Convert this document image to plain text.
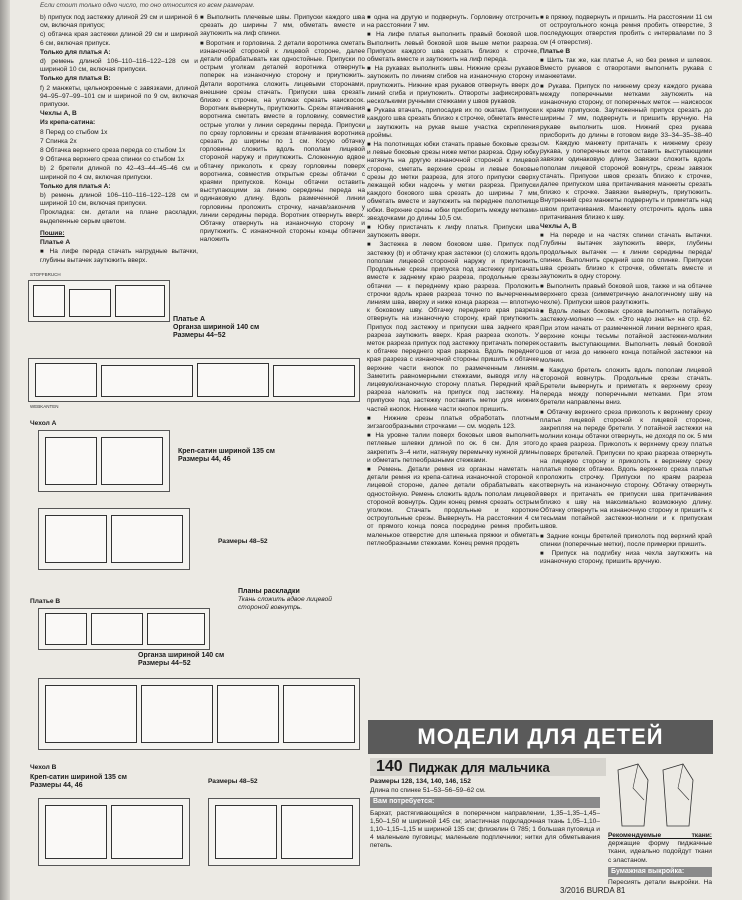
Если стоит только одно число, то оно относится ко всем размерам.

b) припуск под застежку длиной 29 см и шириной 6 см, включая припуск;

c) обтачка края застежки длиной 29 см и шириной 6 см, включая припуск.

Только для платья А:

d) ремень длиной 106–110–116–122–128 см и шириной 10 см, включая припуски.

Только для платья В:

f) 2 манжеты, цельнокроеные с завязками, длиной 94–95–97–99–101 см и шириной по 9 см, включая припуски.

Чехлы А, В

Из крепа-сатина:

8 Перед со стыбом 1x

7 Спинка 2x

8 Обтачка верхнего среза переда со стыбом 1x

9 Обтачка верхнего среза спинки со стыбом 1x

b) 2 бретели длиной по 42–43–44–45–46 см и шириной по 4 см, включая припуски.

Только для платья А:

b) ремень длиной 106–110–116–122–128 см и шириной 10 см, включая припуски.

Прокладка: см. детали на плане раскладки, выделенные серым цветом.

Пошив:

Платье А

■ На лифе переда стачать нагрудные вытачки, глубины вытачек заутюжить вверх.

■ Выполнить плечевые швы. Припуски каждого шва срезать до ширины 7 мм, обметать вместе и заутюжить на лиф спинки.

■ Воротник и горловина. 2 детали воротника сметать изнаночной стороной к лицевой стороне, далее детали обрабатывать как одностойные. Припуски по острым уголкам деталей воротника отвернуть поперек на изнаночную сторону и приутюжить. Детали воротника сложить лицевыми сторонами, внешние срезы стачать. Припуски шва срезать близко к строчке, на уголках срезать наискосок. Воротник вывернуть, приутюжить. Срезы втачивания воротника сметать вместе в горловину, совместив острые уголки у линии середины переда. Припуски по срезу горловины и срезам втачивания воротника срезать до ширины по 1 см. Косую обтачку горловины сложить вдоль пополам лицевой стороной наружу и приутюжить. Сложенную вдвое обтачку приколоть к срезу горловины поверх воротника, совместив открытые срезы обтачки с краями припусков. Концы обтачки оставить выступающими за линию середины переда на одинаковую длину. Вдоль размеченной линии горловины проложить строчку, начав/закончив у линии середины переда. Воротник отвернуть вверх. Обтачку отвернуть на изнаночную сторону и приутюжить. С изнаночной стороны концы обтачки наложить

■ одна на другую и подвернуть. Горловину отстрочить на расстоянии 7 мм.

■ На лифе платья выполнить правый боковой шов. Выполнить левый боковой шов выше метки разреза. Припуски каждого шва срезать близко к строчке, обметать вместе и заутюжить на лиф переда.

■ На рукавах выполнить швы. Нижние срезы рукавов заутюжить по линиям сгибов на изнаночную сторону и приутюжить. Нижние края рукавов отвернуть вверх до линий сгиба и приутюжить. Отвороты зафиксировать несколькими ручными стежками у швов рукавов.

■ Рукава втачать, припосадив их по окатам. Припуски каждого шва срезать близко к строчке, обметать вместе и заутюжить на рукав выше участка скрепления проймы.

■ На полотнищах юбки стачать правые боковые срезы и левые боковые срезы ниже метки разреза. Одну юбку натянуть на другую изнаночной стороной к лицевой стороне, сметать верхние срезы и левые боковые срезы до метки разреза, для этого припуски сверху лежащей юбки надсечь у метки разреза. Припуски каждого бокового шва срезать до ширины 7 мм, обметать вместе и заутюжить на переднее полотнище юбки. Верхние срезы юбки присборить между метками-звездочками до длины 10,5 см.

■ Юбку пристачать к лифу платья. Припуски шва заутюжить вверх.

■ Застежка в левом боковом шве. Припуск под застежку (b) и обтачку края застежки (c) сложить вдоль пополам лицевой стороной наружу и приутюжить. Продольные срезы припуска под застежку притачать вместе к заднему краю разреза, продольные срезы обтачки — к переднему краю разреза. Проложить строчки вдоль краев разреза точно по вычерченным линиям шва, вверху и ниже конца разреза — вплотную к боковому шву. Обтачку переднего края разреза отвернуть на изнаночную сторону, край приутюжить. Припуск под застежку и припуски шва заднего края разреза заутюжить вверх. Края разреза сколоть. У меток разреза припуск под застежку притачать поперек к обтачке переднего края разреза. Вдоль переднего края разреза с изнаночной стороны пришить к обтачке верхние части кнопок по размеченным линиям. Заметить равномерными стежками, выводя иглу на лицевую/изнаночную сторону платья. Передний край разреза наложить на припуск под застежку. На припуске под застежку поставить метки для нижних частей кнопок. Нижние части кнопок пришить.

■ Нижние срезы платья обработать плотным зигзагообразными строчками — см. модель 123.

■ На уровне талии поверх боковых швов выполнить петлевые шлевки длиной по ок. 6 см. Для этого закрепить 3–4 нити, натянуву перемычку нужной длины и обметать петлеобразными стежками.

■ Ремень. Детали ремня из органзы наметать на детали ремня из крепа-сатина изнаночной стороной к лицевой стороне, далее детали обрабатывать как одностойную. Ремень сложить вдоль пополам лицевой стороной вовнутрь. Один конец ремня срезать острым уголком. Стачать продольные и короткие остроугольные срезы. Вывернуть. На расстоянии 4 см от прямого конца пояса посредине ремня пробить маленькое отверстие для шпенька пряжки и обметать петлеобразными стежками. Конец ремня продеть

■ в пряжку, подвернуть и пришить. На расстоянии 11 см от остроугольного конца ремня пробить отверстие, 3 последующих отверстия пробить с интервалами по 3 см (4 отверстия).

Платье В

■ Шить так же, как платье А, но без ремня и шлевок. Вместо рукавов с отворотами выполнить рукава с манжетами.

■ Рукава. Припуск по нижнему срезу каждого рукава между поперечными метками заутюжить на изнаночную сторону, от поперечных меток — наискосок к краям припусков. Заутюженный припуск срезать до ширины 7 мм, подвернуть и пришить вручную. На рукаве выполнить шов. Нижний срез рукава присборить до длины в готовом виде 33–34–35–38–40 см. Каждую манжету притачать к нижнему срезу рукава, у поперечных меток оставить выступающими завязки одинаковую длину. Завязки сложить вдоль пополам лицевой стороной вовнутрь, срезы завязок стачать. Припуски швов срезать близко к строчке, далее припуском шва притачивания манжеты срезать близко к строчке. Завязки вывернуть, приутюжить. Внутренний срез манжеты подвернуть и приметать над швом притачивания. Манжету отстрочить вдоль шва притачивания близко к шву.

Чехлы А, В

■ На переде и на частях спинки стачать вытачки. Глубины вытачек заутюжить вверх, глубины продольных вытачек — к линии середины переда/спинки. Выполнить средний шов по спинке. Припуски шва срезать близко к строчке, обметать вместе и заутюжить в одну сторону.

■ Выполнить правый боковой шов, также и на обтачке верхнего среза (симметричную аналогичному шву на чехле). Припуски швов разутюжить.

■ Вдоль левых боковых срезов выполнить потайную застежку-молнию — см. «Это надо знать» на стр. 62. При этом начать от размеченной линии верхнего края, верхние концы тесьмы потайной застежки-молнии оставить выступающими. Выполнить левый боковой шов от низа до нижнего конца потайной застежки на молнии.

■ Каждую бретель сложить вдоль пополам лицевой стороной вовнутрь. Продольные срезы стачать. Бретели вывернуть и приметать к верхнему срезу переда между поперечными метками. При этом бретели направлены вниз.

■ Обтачку верхнего среза приколоть к верхнему срезу платья лицевой стороной к лицевой стороне, закрепляя на переде бретели. У потайной застежки на молнии концы обтачки отвернуть, не доходя по ок. 5 мм до краев разреза. Приколоть к верхнему срезу платья поверх бретелей. Припуски по краю разреза отвернуть на лицевую сторону и приколоть к верхнему срезу платья поверх обтачки. Вдоль верхнего среза платья проложить строчку. Припуски по краям разреза отвернуть на изнаночную сторону. Обтачку отвернуть вверх и притачать ее припуски шва притачивания близко к шву на максимально возможную длину. Обтачку отвернуть на изнаночную сторону и пришить к тесьмам потайной застежки-молнии и к припускам швов.

■ Задние концы бретелей приколоть под верхний край спинки (поперечные метки), после примерки пришить.

■ Припуск на подгибку низа чехла заутюжить на изнаночную сторону, пришить вручную.

STOFFBRUCH
Платье А
Органза шириной 140 см
Размеры 44–52
WEBKANTEN
Чехол А
Креп-сатин шириной 135 см
Размеры 44, 46
Размеры 48–52
Планы раскладки
Ткань сложить вдвое лицевой стороной вовнутрь.
Платье В
Органза шириной 140 см
Размеры 44–52
Чехол В
Креп-сатин шириной 135 см
Размеры 44, 46
Размеры 48–52
МОДЕЛИ ДЛЯ ДЕТЕЙ
140 Пиджак для мальчика

Размеры 128, 134, 140, 146, 152

Длина по спинке 51–53–56–59–62 см.

Вам потребуется:

Бархат, растягивающийся в поперечном направлении, 1,35–1,35–1,45–1,50–1,50 м шириной 145 см; эластичная подкладочная ткань 1,05–1,10–1,10–1,15–1,15 м шириной 135 см; флизелин G 785; 1 большая пуговица и 4 маленькие пуговицы; маленькие подплечники; нитки для обметывания петель.

Рекомендуемые ткани: держащие форму пиджачные ткани, идеально подойдут ткани с эластаном.

Бумажная выкройка:

Пересиять детали выкройки. На

3/2016 BURDA 81
